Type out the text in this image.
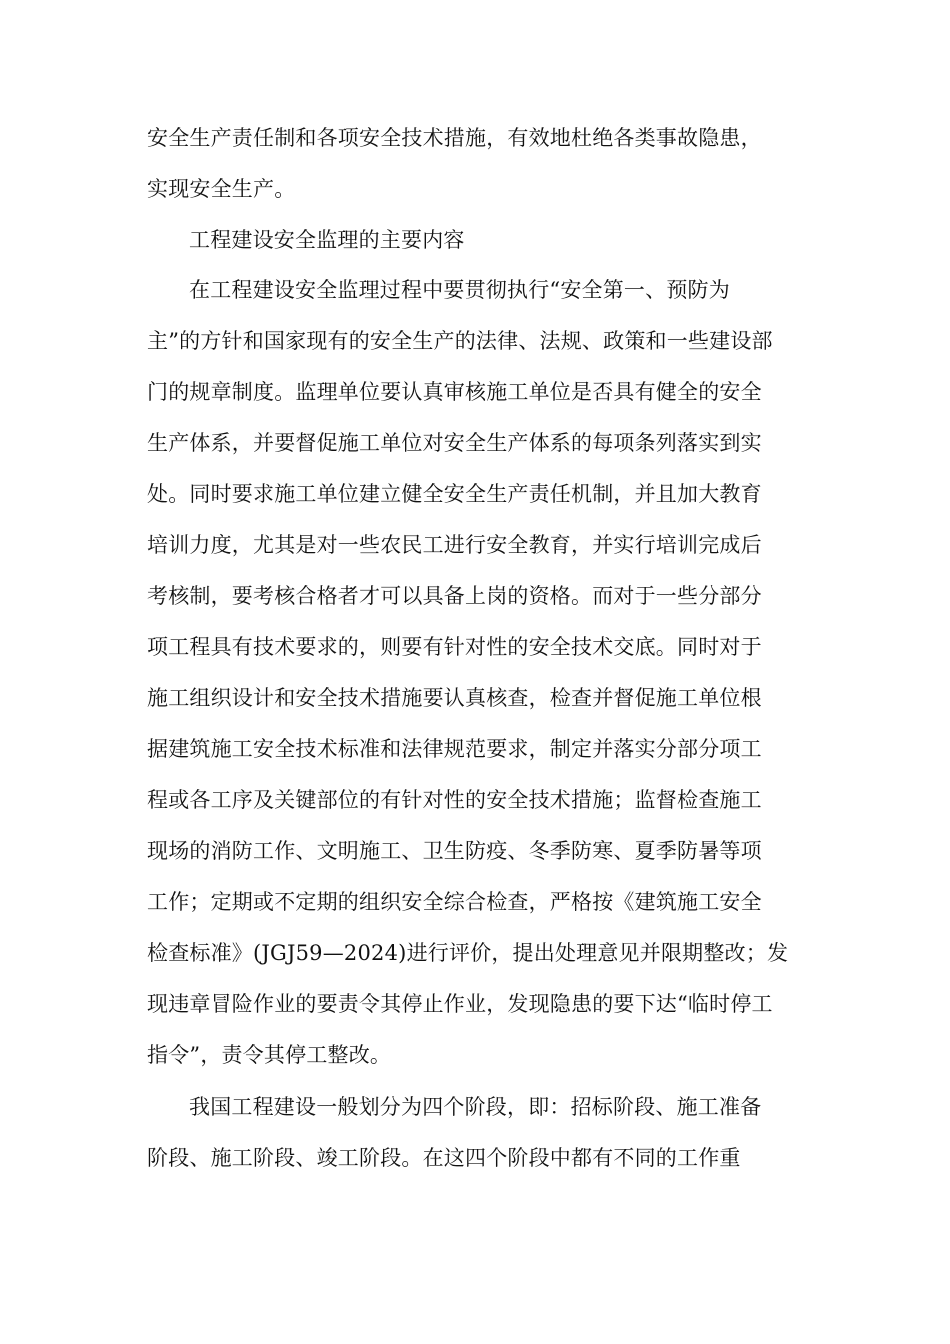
安全生产责任制和各项安全技术措施，有效地杜绝各类事故隐患，
实现安全生产。
工程建设安全监理的主要内容
在工程建设安全监理过程中要贯彻执行“安全第一、预防为
主”的方针和国家现有的安全生产的法律、法规、政策和一些建设部
门的规章制度。监理单位要认真审核施工单位是否具有健全的安全
生产体系，并要督促施工单位对安全生产体系的每项条列落实到实
处。同时要求施工单位建立健全安全生产责任机制，并且加大教育
培训力度，尤其是对一些农民工进行安全教育，并实行培训完成后
考核制，要考核合格者才可以具备上岗的资格。而对于一些分部分
项工程具有技术要求的，则要有针对性的安全技术交底。同时对于
施工组织设计和安全技术措施要认真核查，检查并督促施工单位根
据建筑施工安全技术标准和法律规范要求，制定并落实分部分项工
程或各工序及关键部位的有针对性的安全技术措施；监督检查施工
现场的消防工作、文明施工、卫生防疫、冬季防寒、夏季防暑等项
工作；定期或不定期的组织安全综合检查，严格按《建筑施工安全
检查标准》(JGJ59—2024)进行评价，提出处理意见并限期整改；发
现违章冒险作业的要责令其停止作业，发现隐患的要下达“临时停工
指令”，责令其停工整改。
我国工程建设一般划分为四个阶段，即：招标阶段、施工准备
阶段、施工阶段、竣工阶段。在这四个阶段中都有不同的工作重
